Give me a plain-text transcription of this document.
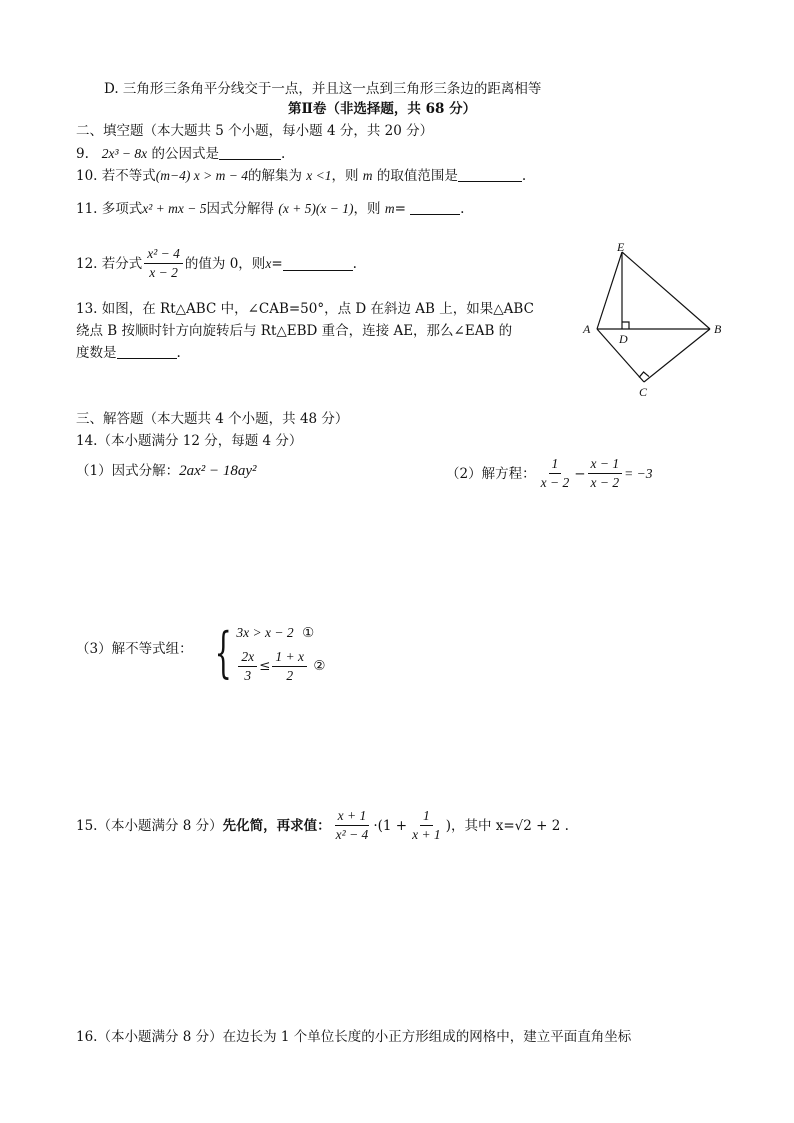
D. 三角形三条角平分线交于一点，并且这一点到三角形三条边的距离相等
第Ⅱ卷（非选择题，共 68 分）
二、填空题（本大题共 5 个小题，每小题 4 分，共 20 分）
9. 2x³ − 8x 的公因式是	.
10. 若不等式(m−4) x > m − 4的解集为 x <1，则 m 的取值范围是	.
11. 多项式x² + mx − 5因式分解得 (x + 5)(x − 1)，则 m=	.
12. 若分式 $\frac{\text{x² − 4}}{x - 2}$ 的值为 0，则 x =	.
13. 如图，在 Rt△ABC 中，∠CAB=50°，点 D 在斜边 AB 上，如果△ABC
绕点 B 按顺时针方向旋转后与 Rt△EBD 重合，连接 AE，那么∠EAB 的
度数是	.
E
A
D
B
C
三、解答题（本大题共 4 个小题，共 48 分）
14.（本小题满分 12 分，每题 4 分）
（1）因式分解：2ax² − 18ay²	（2）解方程： $\frac{1}{x - 2} - \frac{x - 1}{x - 2} = -3$
（3）解不等式组： { 3x > x − 2
①
$\frac{2x}{3} \le \frac{1 + x}{2}$
②
15.（本小题满分 8 分） 先化简，再求值： $\frac{x + 1}{\text{x² − 4}} \cdot (1 + \frac{1}{x + 1}$ ) ，其中 x=√2 + 2 .
16.（本小题满分 8 分）在边长为 1 个单位长度的小正方形组成的网格中，建立平面直角坐标
